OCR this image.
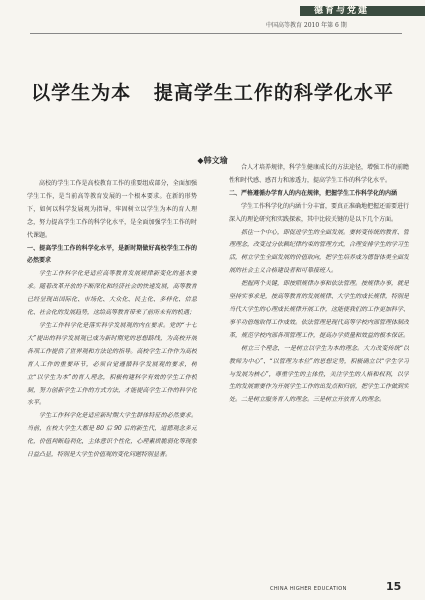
德育与党建
中国高等教育 2010 年第 6 期
以学生为本   提高学生工作的科学化水平
◆韩文瑜

高校的学生工作是高校教育工作的重要组成部分，全面加强学生工作，是当前高等教育发展的一个根本要求。在新的形势下，如何以科学发展观为指导，牢固树立以学生为本的育人理念，努力提高学生工作的科学化水平，是全面加强学生工作的时代课题。

一、提高学生工作的科学化水平，是新时期做好高校学生工作的必然要求

学生工作科学化是适应高等教育发展规律新变化的基本要求。随着改革开放的不断深化和经济社会的快速发展，高等教育已经呈现出国际化、市场化、大众化、民主化、多样化、信息化、社会化的发展趋势，这给高等教育带来了前所未有的机遇；

学生工作科学化是落实科学发展观的内在要求。党的“十七大”提出的科学发展观已成为新时期党的思想路线，为高校开展各项工作提供了世界观和方法论的指导。高校学生工作作为高校育人工作的重要环节，必须自觉遵循科学发展观的要求，树立“以学生为本”的育人理念，积极构建科学有效的学生工作机制，努力创新学生工作的方式方法，才能提高学生工作的科学化水平。

学生工作科学化是适应新时期大学生群体特征的必然要求。当前，在校大学生大都是 80 后 90 后的新生代，道德观念多元化，价值判断趋利化，主体意识个性化，心理素质脆弱化等现象日益凸显，特别是大学生价值观的变化问题特别显著。

合人才培养规律，科学生健康成长的方法途径，增强工作的前瞻性和时代感、感召力和渗透力，提高学生工作的科学化水平。

二、严格遵循办学育人的内在规律，把握学生工作科学化的内涵

学生工作科学化的内涵十分丰富，要真正准确地把握还需要进行深入的理论研究和实践探索，其中比较关键的是以下几个方面。

抓住一个中心，即促进学生的全面发展。要转变传统的教育、管理理念，改变过分依赖纪律约束的管理方式，合理安排学生的学习生活，树立学生全面发展的价值取向，把学生培养成为德智体美全面发展的社会主义合格建设者和可靠接班人。

把握两个关键，即按照规律办事和依法管理。按规律办事，就是坚持实事求是，按高等教育的发展规律、大学生的成长规律，特别是当代大学生的心理成长规律开展工作，这能使我们的工作更加科学、事半功倍地取得工作成效。依法管理是现代高等学校内部管理体制改革，规范学校内部各项管理工作，提高办学质量和效益的根本保证。

树立三个理念，一是树立以学生为本的理念。大力改变传统“以教师为中心”、“以管理为本位”的思想定势，积极确立以“学生学习与发展为核心”，尊重学生的主体性，关注学生的人格和权利，以学生的发展需要作为开展学生工作的出发点和归宿，把学生工作做到实处。二是树立服务育人的理念。三是树立开放育人的理念。

CHINA HIGHER EDUCATION	15
